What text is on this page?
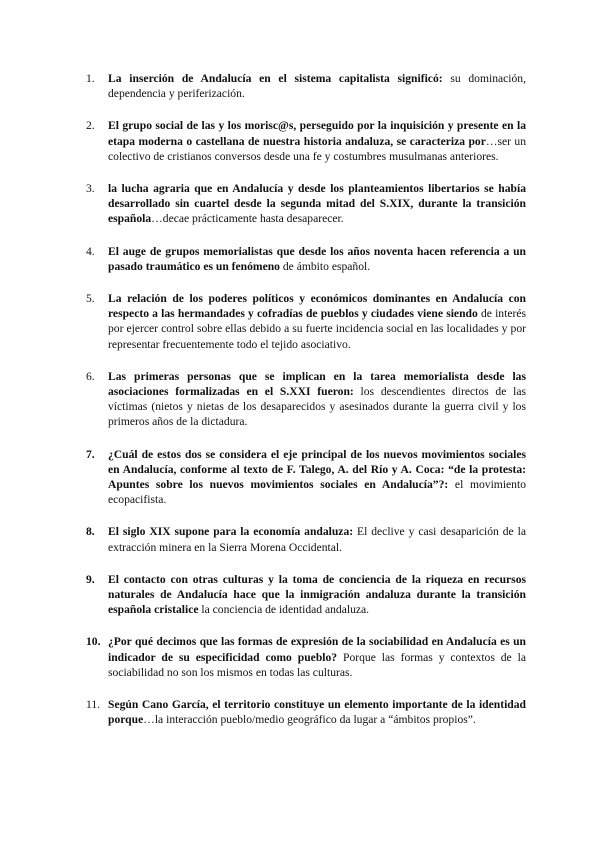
1. La inserción de Andalucía en el sistema capitalista significó: su dominación, dependencia y periferización.
2. El grupo social de las y los morisc@s, perseguido por la inquisición y presente en la etapa moderna o castellana de nuestra historia andaluza, se caracteriza por…ser un colectivo de cristianos conversos desde una fe y costumbres musulmanas anteriores.
3. la lucha agraria que en Andalucía y desde los planteamientos libertarios se había desarrollado sin cuartel desde la segunda mitad del S.XIX, durante la transición española…decae prácticamente hasta desaparecer.
4. El auge de grupos memorialistas que desde los años noventa hacen referencia a un pasado traumático es un fenómeno de ámbito español.
5. La relación de los poderes políticos y económicos dominantes en Andalucía con respecto a las hermandades y cofradías de pueblos y ciudades viene siendo de interés por ejercer control sobre ellas debido a su fuerte incidencia social en las localidades y por representar frecuentemente todo el tejido asociativo.
6. Las primeras personas que se implican en la tarea memorialista desde las asociaciones formalizadas en el S.XXI fueron: los descendientes directos de las víctimas (nietos y nietas de los desaparecidos y asesinados durante la guerra civil y los primeros años de la dictadura.
7. ¿Cuál de estos dos se considera el eje principal de los nuevos movimientos sociales en Andalucía, conforme al texto de F. Talego, A. del Río y A. Coca: “de la protesta: Apuntes sobre los nuevos movimientos sociales en Andalucía”?: el movimiento ecopacifista.
8. El siglo XIX supone para la economía andaluza: El declive y casi desaparición de la extracción minera en la Sierra Morena Occidental.
9. El contacto con otras culturas y la toma de conciencia de la riqueza en recursos naturales de Andalucía hace que la inmigración andaluza durante la transición española cristalice la conciencia de identidad andaluza.
10. ¿Por qué decimos que las formas de expresión de la sociabilidad en Andalucía es un indicador de su especificidad como pueblo? Porque las formas y contextos de la sociabilidad no son los mismos en todas las culturas.
11. Según Cano García, el territorio constituye un elemento importante de la identidad porque…la interacción pueblo/medio geográfico da lugar a “ámbitos propios”.
